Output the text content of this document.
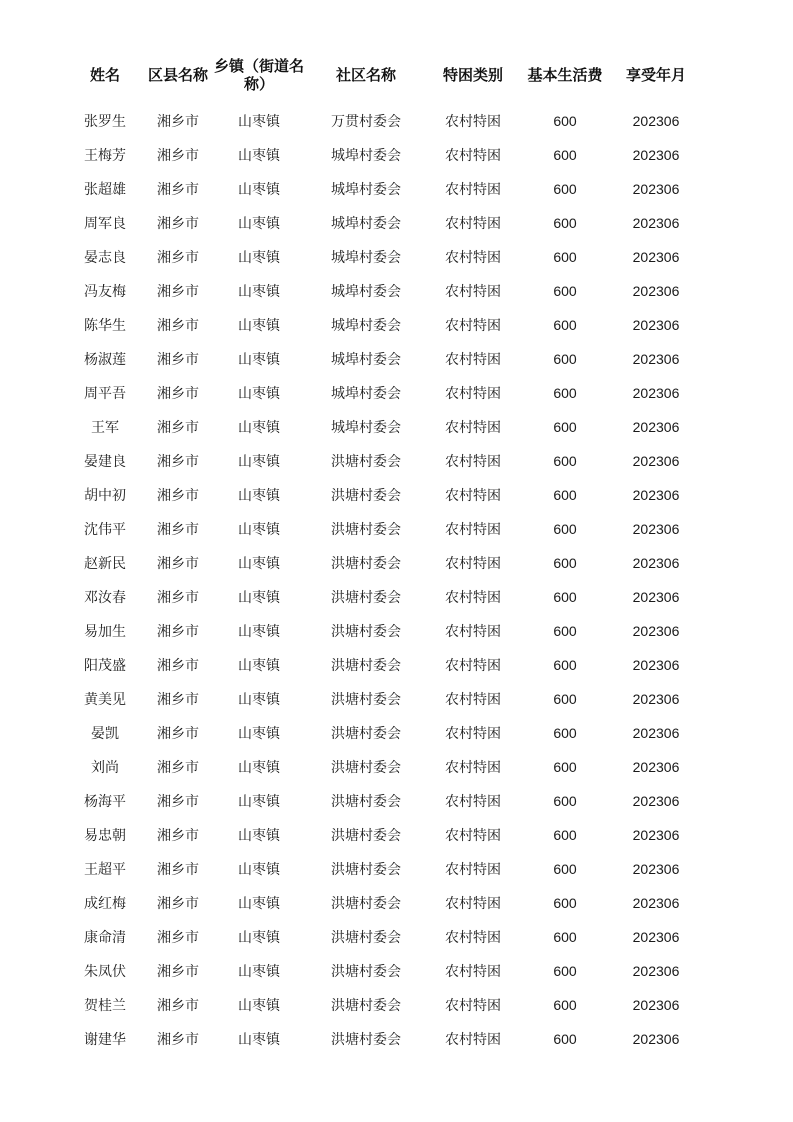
姓名	区县名称	乡镇（街道名称）	社区名称	特困类别	基本生活费	享受年月
张罗生	湘乡市	山枣镇	万贯村委会	农村特困	600	202306
王梅芳	湘乡市	山枣镇	城埠村委会	农村特困	600	202306
张超雄	湘乡市	山枣镇	城埠村委会	农村特困	600	202306
周军良	湘乡市	山枣镇	城埠村委会	农村特困	600	202306
晏志良	湘乡市	山枣镇	城埠村委会	农村特困	600	202306
冯友梅	湘乡市	山枣镇	城埠村委会	农村特困	600	202306
陈华生	湘乡市	山枣镇	城埠村委会	农村特困	600	202306
杨淑莲	湘乡市	山枣镇	城埠村委会	农村特困	600	202306
周平吾	湘乡市	山枣镇	城埠村委会	农村特困	600	202306
王军	湘乡市	山枣镇	城埠村委会	农村特困	600	202306
晏建良	湘乡市	山枣镇	洪塘村委会	农村特困	600	202306
胡中初	湘乡市	山枣镇	洪塘村委会	农村特困	600	202306
沈伟平	湘乡市	山枣镇	洪塘村委会	农村特困	600	202306
赵新民	湘乡市	山枣镇	洪塘村委会	农村特困	600	202306
邓汝春	湘乡市	山枣镇	洪塘村委会	农村特困	600	202306
易加生	湘乡市	山枣镇	洪塘村委会	农村特困	600	202306
阳茂盛	湘乡市	山枣镇	洪塘村委会	农村特困	600	202306
黄美见	湘乡市	山枣镇	洪塘村委会	农村特困	600	202306
晏凯	湘乡市	山枣镇	洪塘村委会	农村特困	600	202306
刘尚	湘乡市	山枣镇	洪塘村委会	农村特困	600	202306
杨海平	湘乡市	山枣镇	洪塘村委会	农村特困	600	202306
易忠朝	湘乡市	山枣镇	洪塘村委会	农村特困	600	202306
王超平	湘乡市	山枣镇	洪塘村委会	农村特困	600	202306
成红梅	湘乡市	山枣镇	洪塘村委会	农村特困	600	202306
康命清	湘乡市	山枣镇	洪塘村委会	农村特困	600	202306
朱凤伏	湘乡市	山枣镇	洪塘村委会	农村特困	600	202306
贺桂兰	湘乡市	山枣镇	洪塘村委会	农村特困	600	202306
谢建华	湘乡市	山枣镇	洪塘村委会	农村特困	600	202306
